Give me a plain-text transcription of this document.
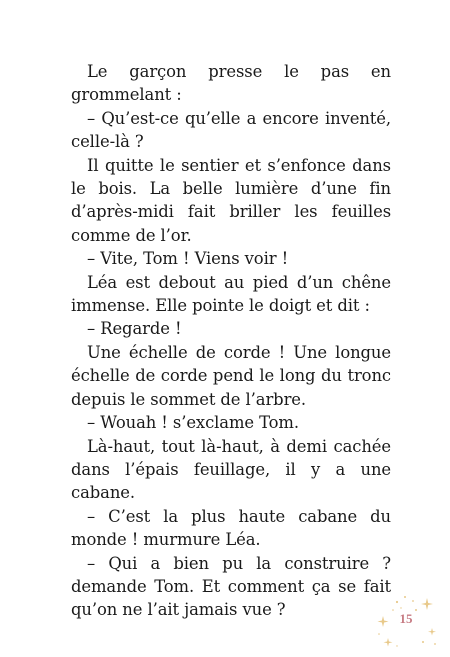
Le garçon presse le pas en grommelant :

– Qu’est-ce qu’elle a encore inventé, celle-là ?

Il quitte le sentier et s’enfonce dans le bois. La belle lumière d’une fin d’après-midi fait briller les feuilles comme de l’or.

– Vite, Tom ! Viens voir !

Léa est debout au pied d’un chêne immense. Elle pointe le doigt et dit :

– Regarde !

Une échelle de corde ! Une longue échelle de corde pend le long du tronc depuis le sommet de l’arbre.

– Wouah ! s’exclame Tom.

Là-haut, tout là-haut, à demi cachée dans l’épais feuillage, il y a une cabane.

– C’est la plus haute cabane du monde ! murmure Léa.

– Qui a bien pu la construire ? demande Tom. Et comment ça se fait qu’on ne l’ait jamais vue ?	15
